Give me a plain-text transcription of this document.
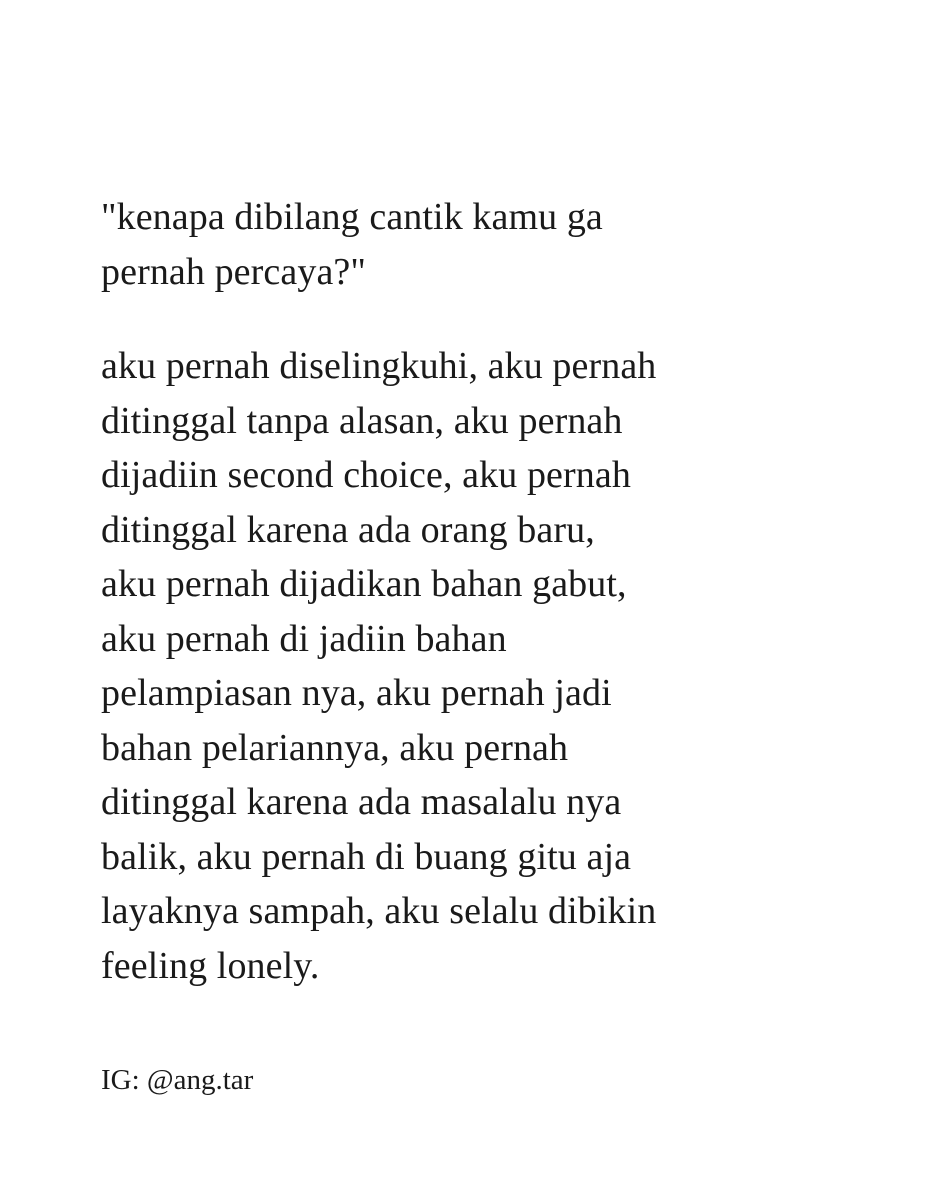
"kenapa dibilang cantik kamu ga
pernah percaya?"
aku pernah diselingkuhi, aku pernah
ditinggal tanpa alasan, aku pernah
dijadiin second choice, aku pernah
ditinggal karena ada orang baru,
aku pernah dijadikan bahan gabut,
aku pernah di jadiin bahan
pelampiasan nya, aku pernah jadi
bahan pelariannya, aku pernah
ditinggal karena ada masalalu nya
balik, aku pernah di buang gitu aja
layaknya sampah, aku selalu dibikin
feeling lonely.
IG: @ang.tar
